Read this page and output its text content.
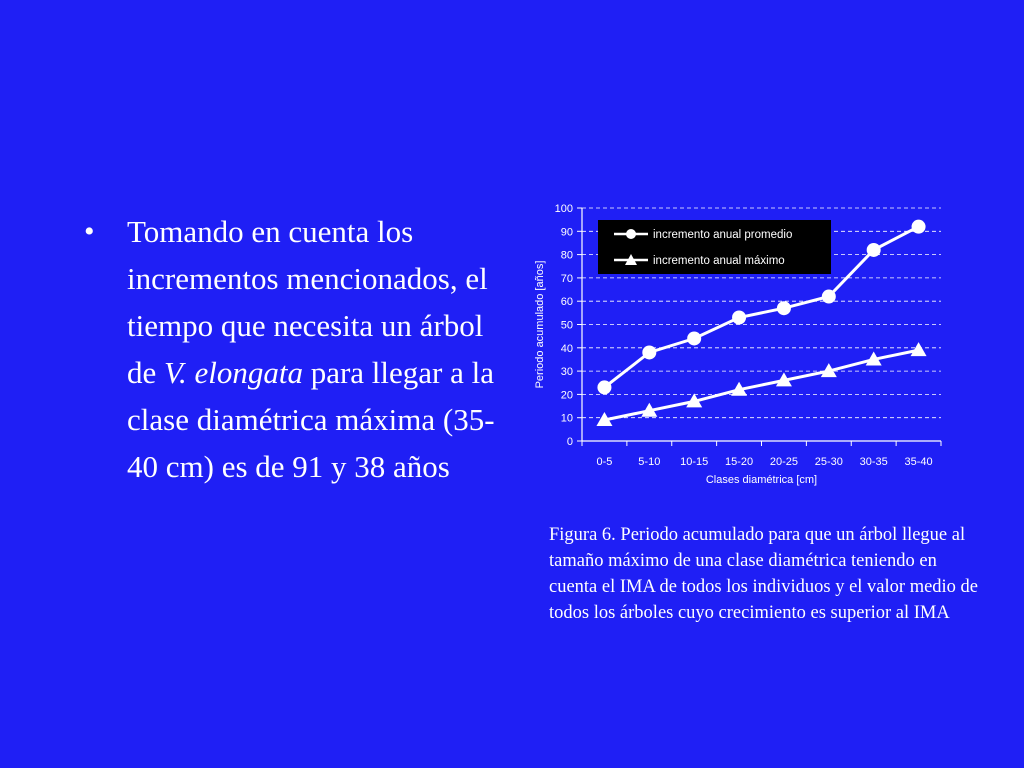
• Tomando en cuenta los incrementos mencionados, el tiempo que necesita un árbol de V. elongata para llegar a la clase diamétrica máxima (35-40 cm) es de 91 y 38 años
0
10
20
30
40
50
60
70
80
90
100
0-5 5-10 10-15 15-20 20-25 25-30 30-35 35-40
Clases diamétrica [cm]
Periodo acumulado [años]
incremento anual promedio
incremento anual máximo
Figura 6. Periodo acumulado para que un árbol llegue al tamaño máximo de una clase diamétrica teniendo en cuenta el IMA de todos los individuos y el valor medio de todos los árboles cuyo crecimiento es superior al IMA
